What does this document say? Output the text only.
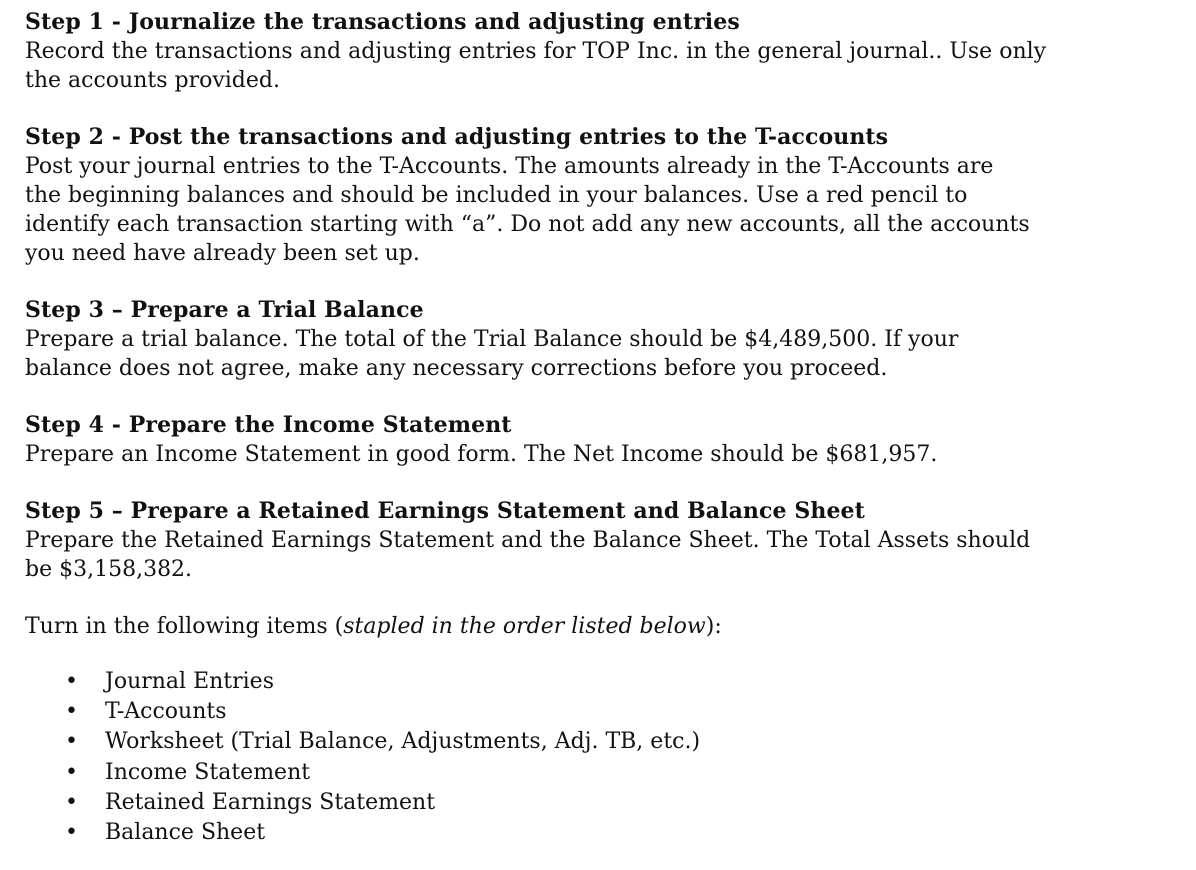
Step 1 - Journalize the transactions and adjusting entries
Record the transactions and adjusting entries for TOP Inc. in the general journal.. Use only
the accounts provided.
Step 2 - Post the transactions and adjusting entries to the T-accounts
Post your journal entries to the T-Accounts. The amounts already in the T-Accounts are
the beginning balances and should be included in your balances. Use a red pencil to
identify each transaction starting with “a”. Do not add any new accounts, all the accounts
you need have already been set up.
Step 3 – Prepare a Trial Balance
Prepare a trial balance. The total of the Trial Balance should be $4,489,500. If your
balance does not agree, make any necessary corrections before you proceed.
Step 4 - Prepare the Income Statement
Prepare an Income Statement in good form. The Net Income should be $681,957.
Step 5 – Prepare a Retained Earnings Statement and Balance Sheet
Prepare the Retained Earnings Statement and the Balance Sheet. The Total Assets should
be $3,158,382.
Turn in the following items (stapled in the order listed below):
• Journal Entries
• T-Accounts
• Worksheet (Trial Balance, Adjustments, Adj. TB, etc.)
• Income Statement
• Retained Earnings Statement
• Balance Sheet
